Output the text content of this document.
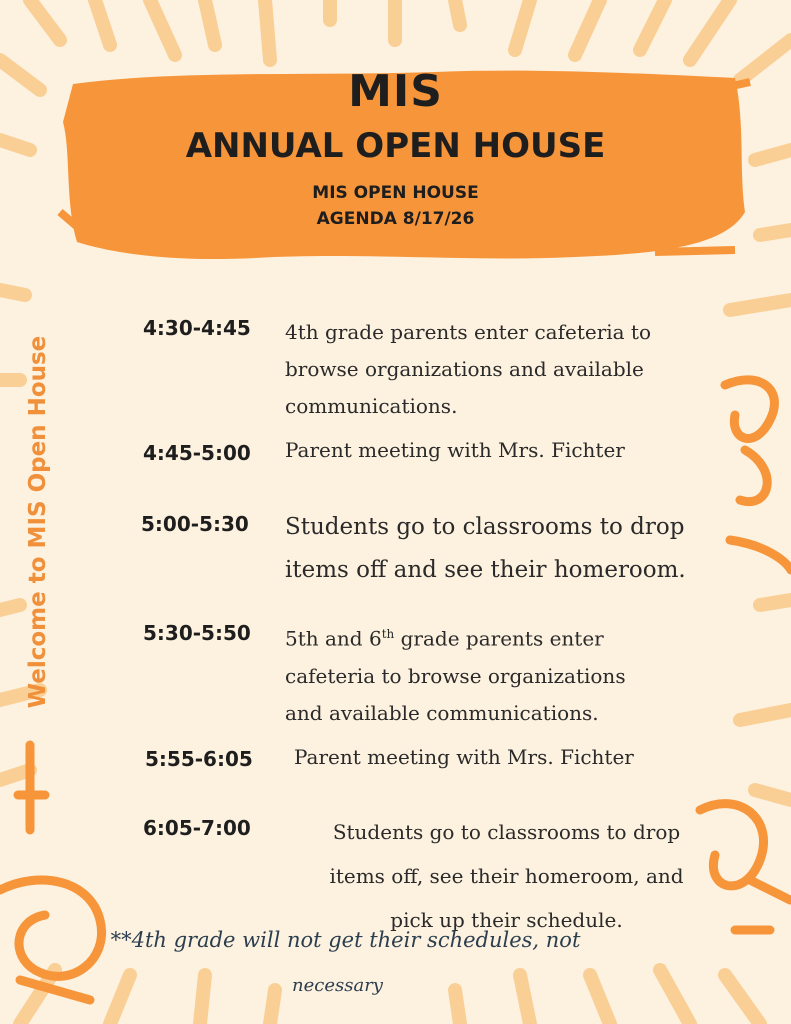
MIS
ANNUAL OPEN HOUSE
MIS OPEN HOUSE
AGENDA 8/17/26
Welcome to MIS Open House
4:30-4:45 4th grade parents enter cafeteria to
browse organizations and available
communications.
4:45-5:00 Parent meeting with Mrs. Fichter
5:00-5:30 Students go to classrooms to drop
items off and see their homeroom.
5:30-5:50 5th and 6th grade parents enter
cafeteria to browse organizations
and available communications.
5:55-6:05 Parent meeting with Mrs. Fichter
6:05-7:00	Students go to classrooms to drop
items off, see their homeroom, and
pick up their schedule.
**4th grade will not get their schedules, not
necessary
